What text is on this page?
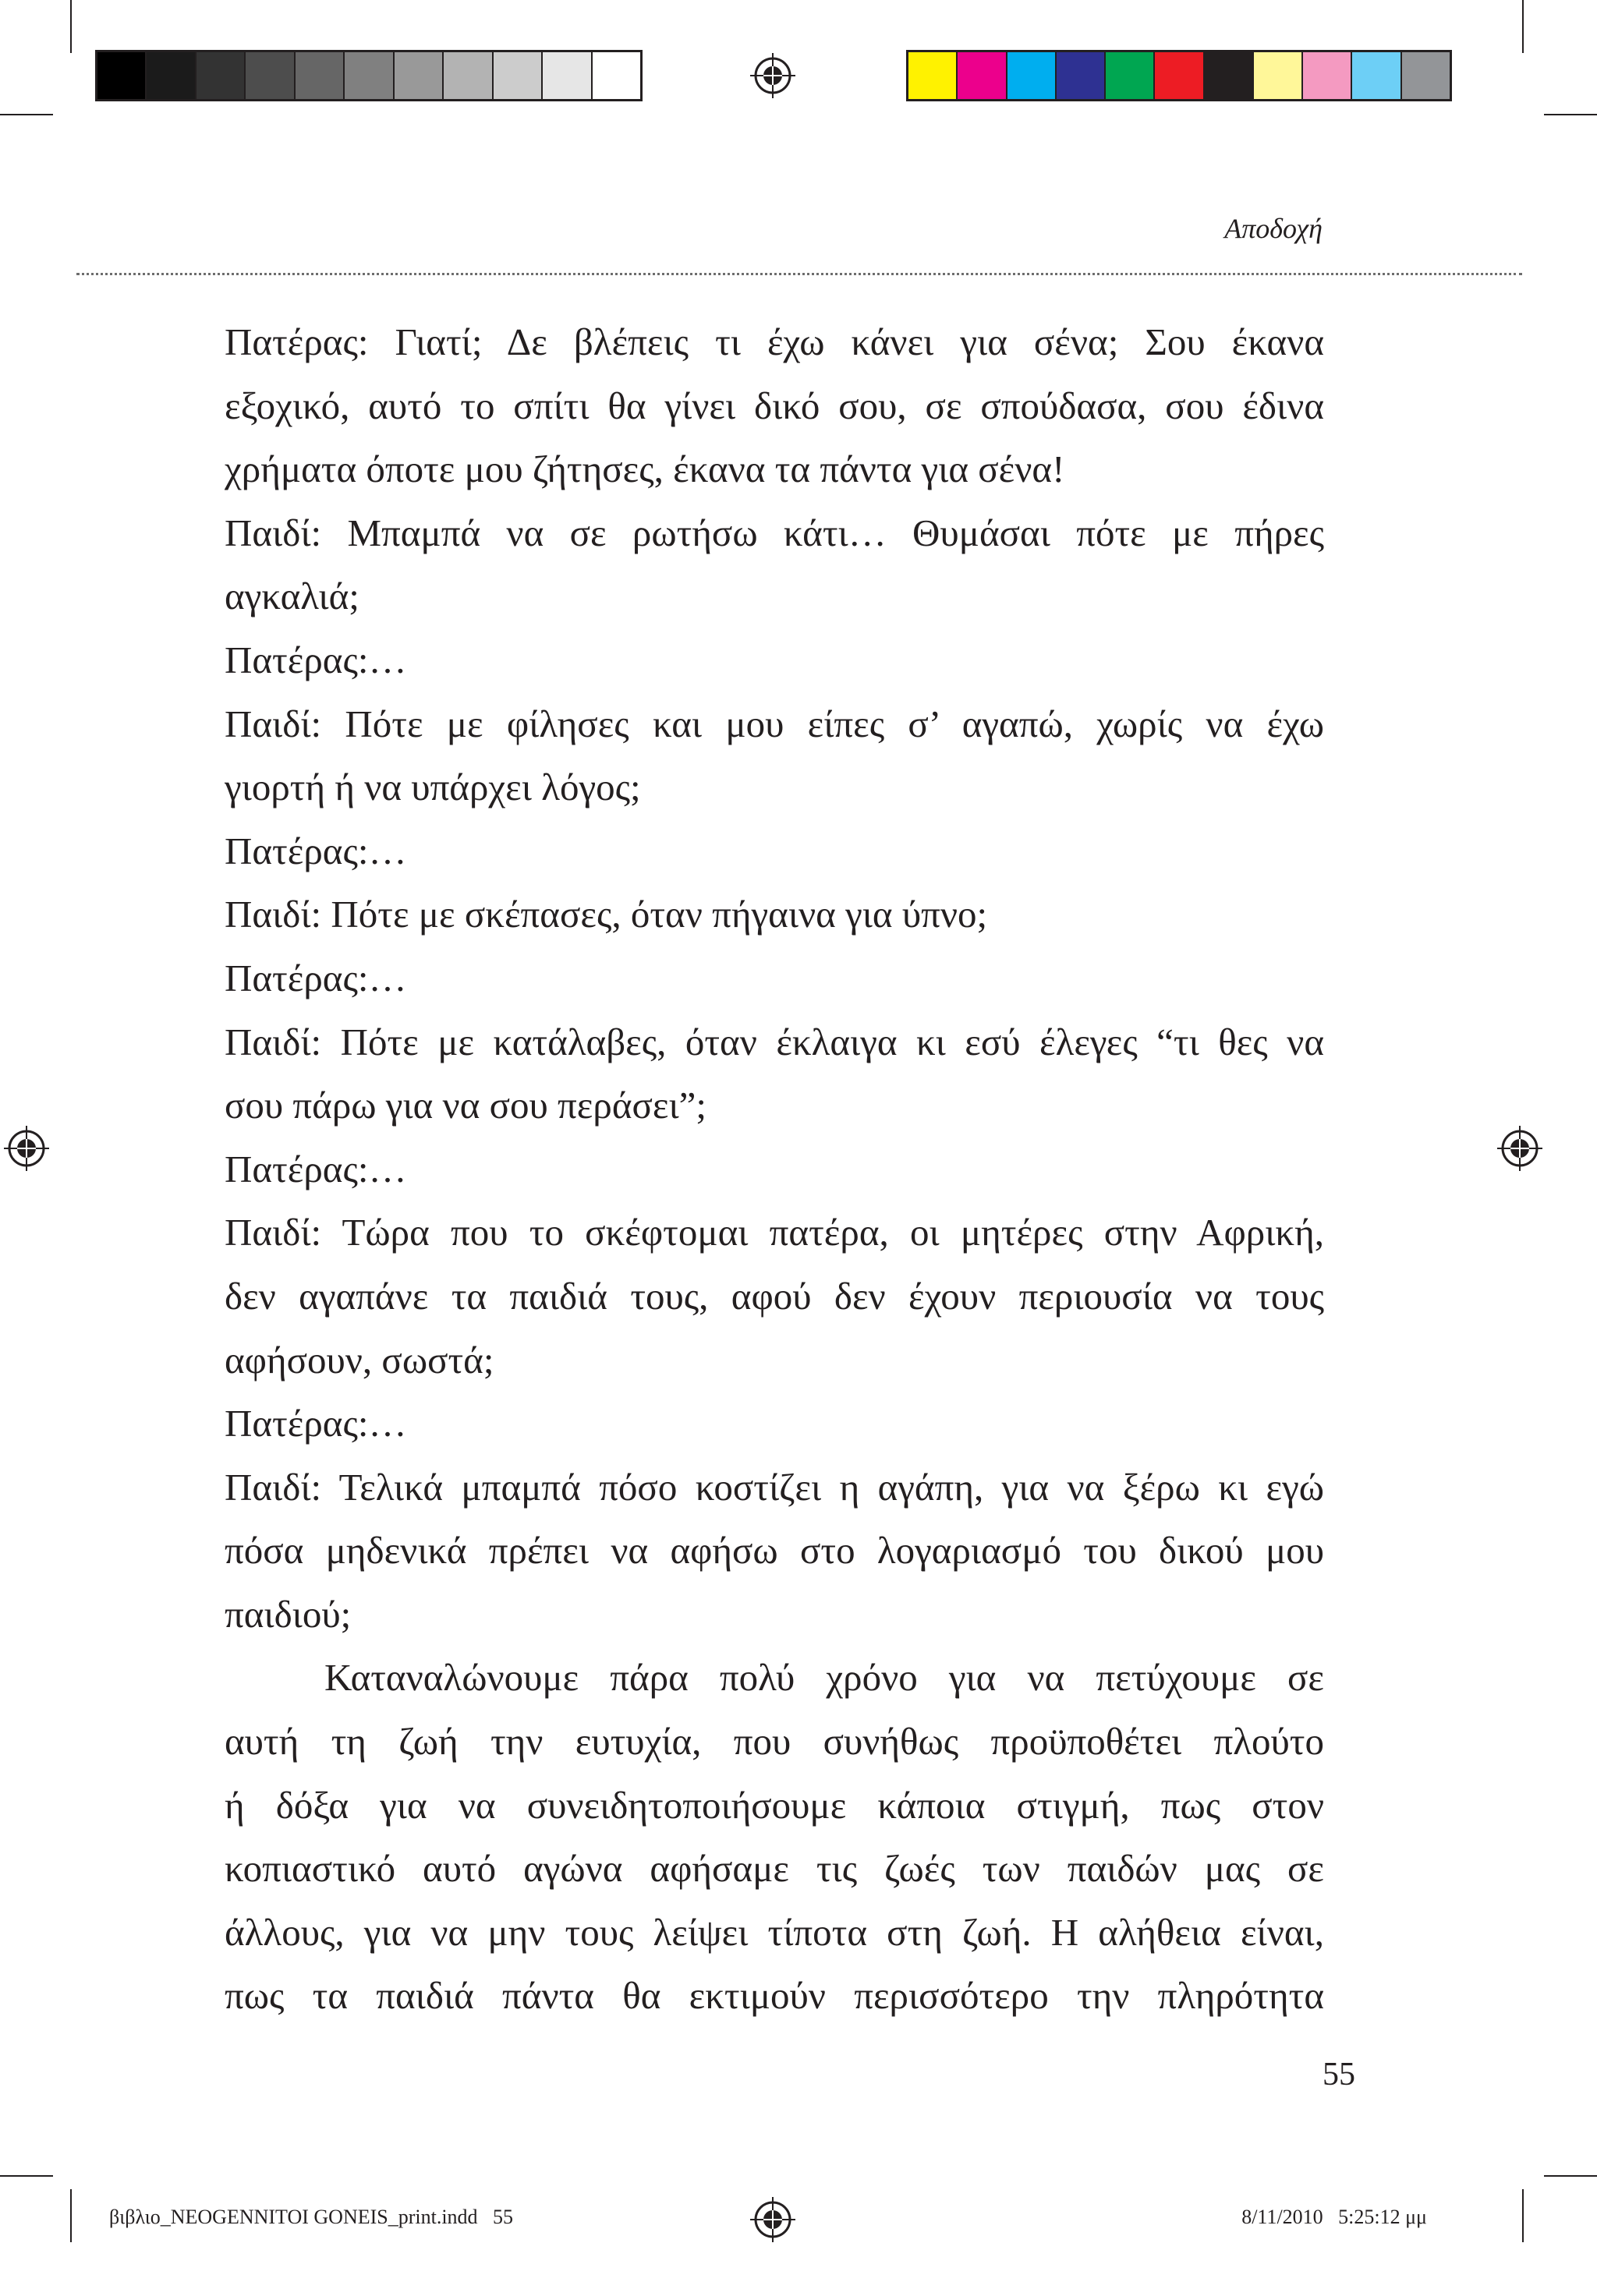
Αποδοχή
Πατέρας: Γιατί; Δε βλέπεις τι έχω κάνει για σένα; Σου έκανα
εξοχικό, αυτό το σπίτι θα γίνει δικό σου, σε σπούδασα, σου έδινα
χρήματα όποτε μου ζήτησες, έκανα τα πάντα για σένα!
Παιδί: Μπαμπά να σε ρωτήσω κάτι… Θυμάσαι πότε με πήρες
αγκαλιά;
Πατέρας:…
Παιδί: Πότε με φίλησες και μου είπες σ’ αγαπώ, χωρίς να έχω
γιορτή ή να υπάρχει λόγος;
Πατέρας:…
Παιδί: Πότε με σκέπασες, όταν πήγαινα για ύπνο;
Πατέρας:…
Παιδί: Πότε με κατάλαβες, όταν έκλαιγα κι εσύ έλεγες “τι θες να
σου πάρω για να σου περάσει”;
Πατέρας:…
Παιδί: Τώρα που το σκέφτομαι πατέρα, οι μητέρες στην Αφρική,
δεν αγαπάνε τα παιδιά τους, αφού δεν έχουν περιουσία να τους
αφήσουν, σωστά;
Πατέρας:…
Παιδί: Τελικά μπαμπά πόσο κοστίζει η αγάπη, για να ξέρω κι εγώ
πόσα μηδενικά πρέπει να αφήσω στο λογαριασμό του δικού μου
παιδιού;
Καταναλώνουμε πάρα πολύ χρόνο για να πετύχουμε σε
αυτή τη ζωή την ευτυχία, που συνήθως προϋποθέτει πλούτο
ή δόξα για να συνειδητοποιήσουμε κάποια στιγμή, πως στον
κοπιαστικό αυτό αγώνα αφήσαμε τις ζωές των παιδών μας σε
άλλους, για να μην τους λείψει τίποτα στη ζωή. Η αλήθεια είναι,
πως τα παιδιά πάντα θα εκτιμούν περισσότερο την πληρότητα
55
βιβλιο_NEOGENNITOI GONEIS_print.indd   55	8/11/2010   5:25:12 μμ
